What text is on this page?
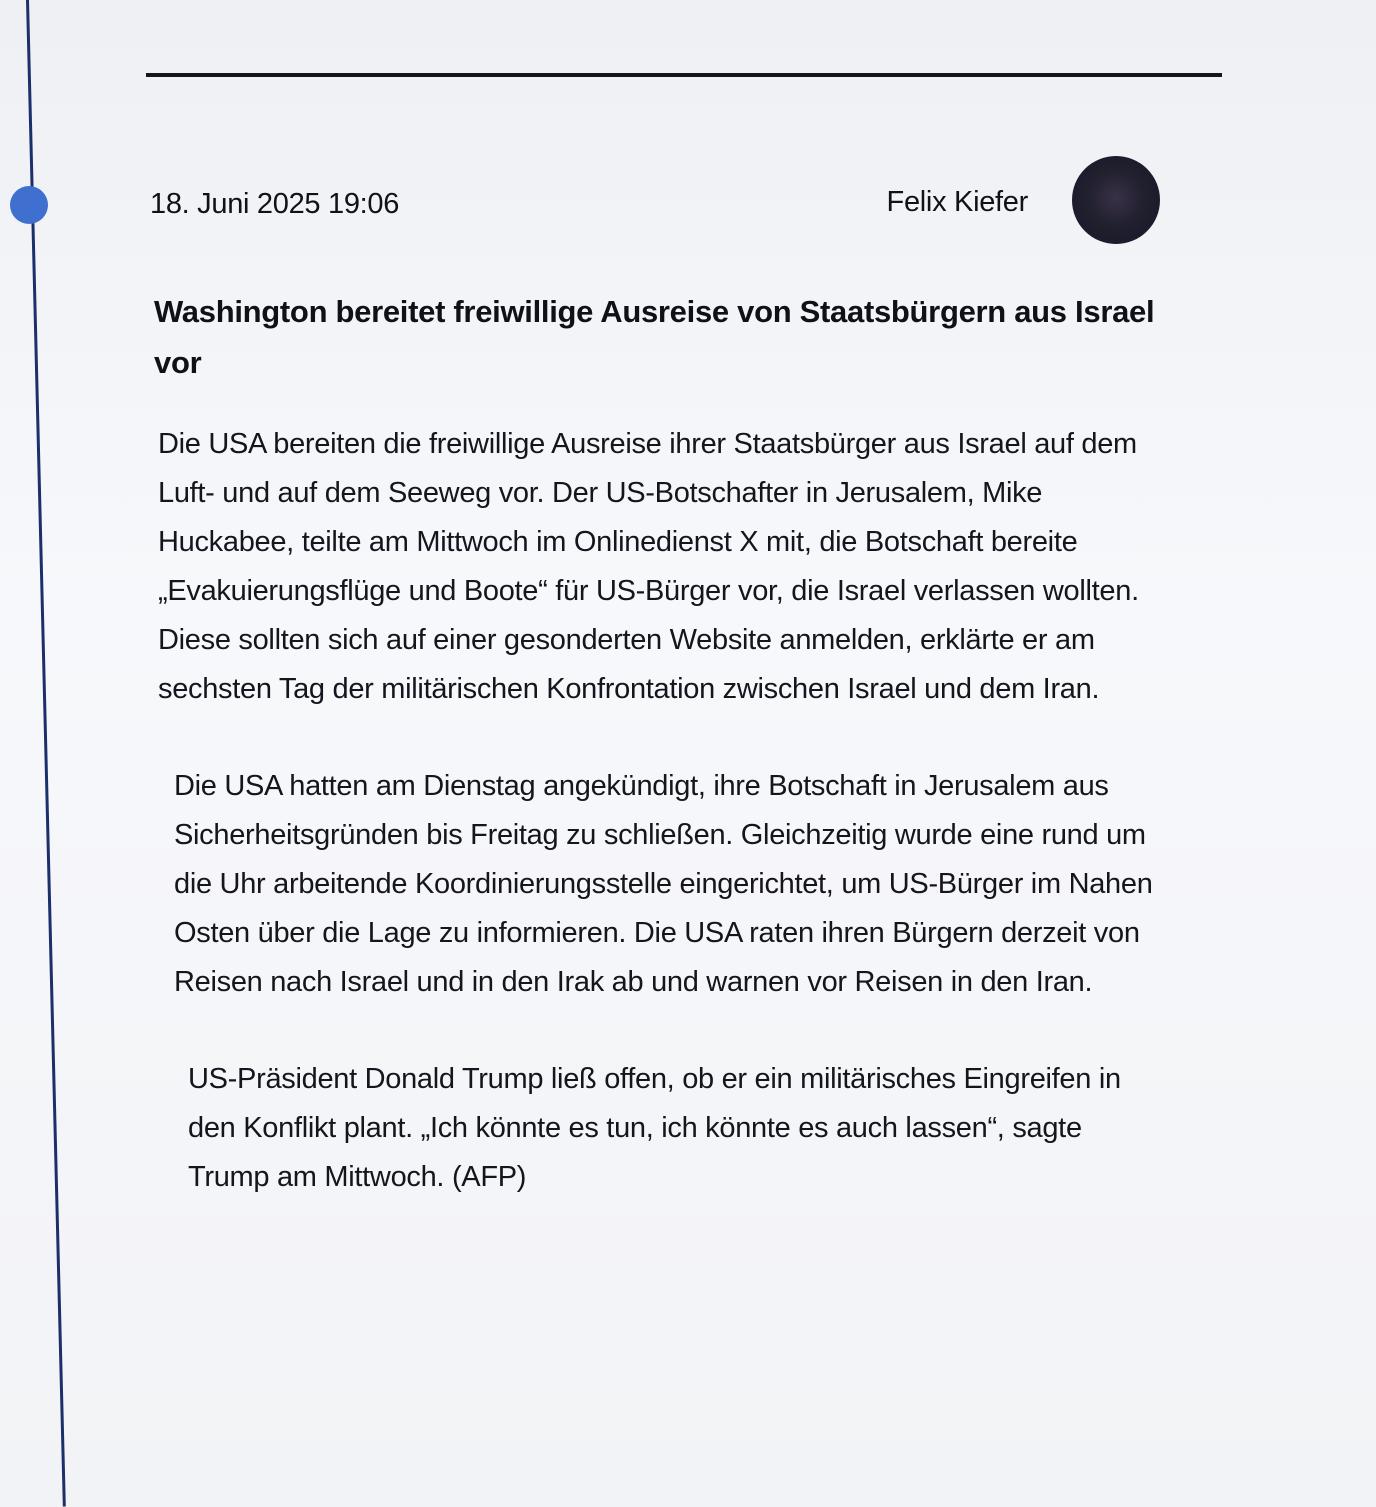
18. Juni 2025 19:06	Felix Kiefer
Washington bereitet freiwillige Ausreise von Staatsbürgern aus Israel vor

Die USA bereiten die freiwillige Ausreise ihrer Staatsbürger aus Israel auf dem Luft- und auf dem Seeweg vor. Der US-Botschafter in Jerusalem, Mike Huckabee, teilte am Mittwoch im Onlinedienst X mit, die Botschaft bereite „Evakuierungsflüge und Boote“ für US-Bürger vor, die Israel verlassen wollten. Diese sollten sich auf einer gesonderten Website anmelden, erklärte er am sechsten Tag der militärischen Konfrontation zwischen Israel und dem Iran.

Die USA hatten am Dienstag angekündigt, ihre Botschaft in Jerusalem aus Sicherheitsgründen bis Freitag zu schließen. Gleichzeitig wurde eine rund um die Uhr arbeitende Koordinierungsstelle eingerichtet, um US-Bürger im Nahen Osten über die Lage zu informieren. Die USA raten ihren Bürgern derzeit von Reisen nach Israel und in den Irak ab und warnen vor Reisen in den Iran.

US-Präsident Donald Trump ließ offen, ob er ein militärisches Eingreifen in den Konflikt plant. „Ich könnte es tun, ich könnte es auch lassen“, sagte Trump am Mittwoch. (AFP)
